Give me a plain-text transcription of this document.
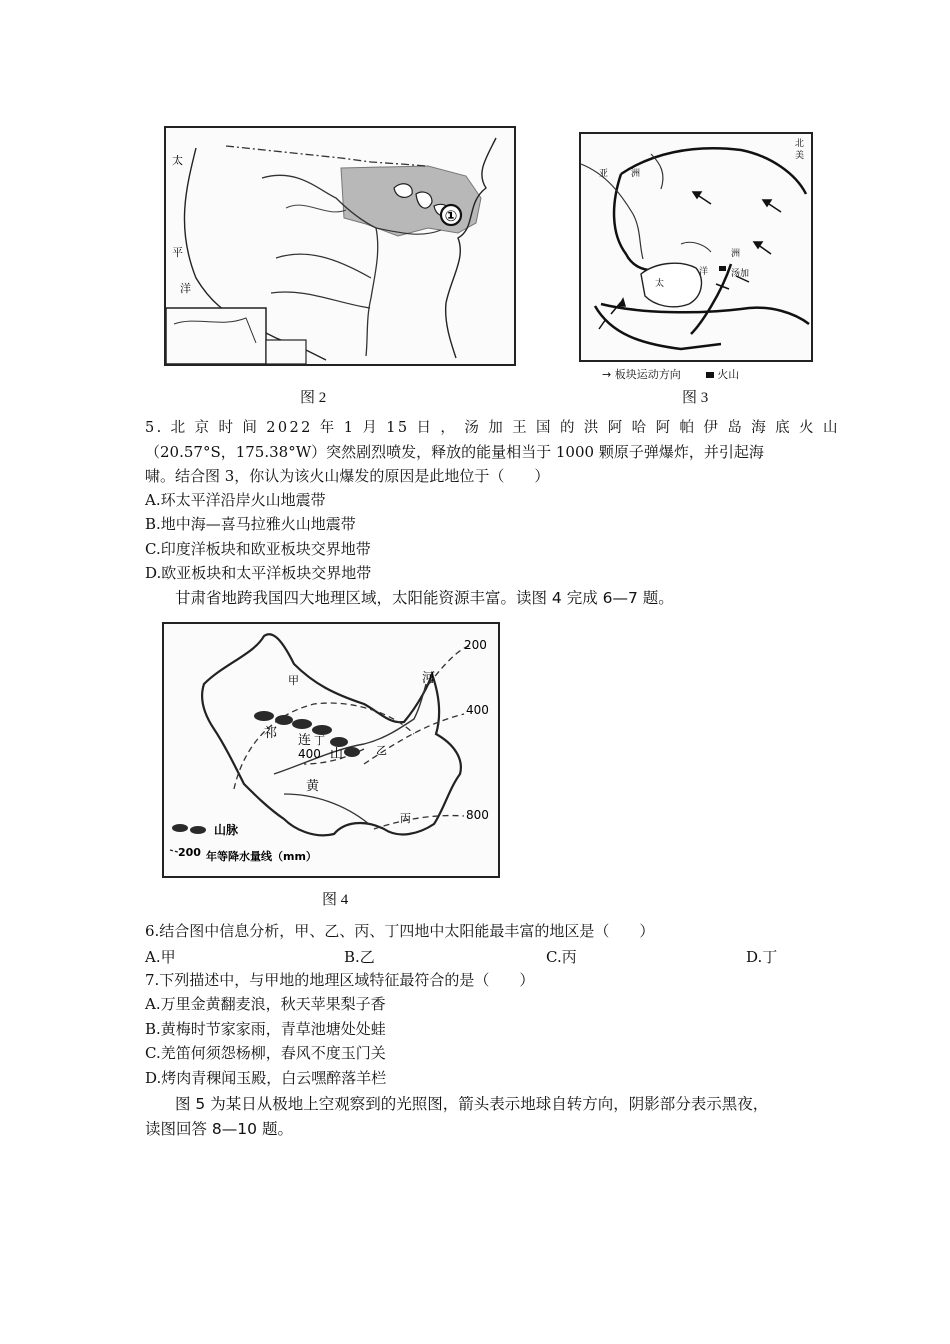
①
太
平
洋
图 2
北
美
亚	洲
洲
洋
太
汤加
→ 板块运动方向	火山
图 3
5. 北 京 时 间 2022 年 1 月 15 日 ， 汤 加 王 国 的 洪 阿 哈 阿 帕 伊 岛 海 底 火 山
（20.57°S，175.38°W）突然剧烈喷发，释放的能量相当于 1000 颗原子弹爆炸，并引起海
啸。结合图 3，你认为该火山爆发的原因是此地位于（　　）
A.环太平洋沿岸火山地震带
B.地中海—喜马拉雅火山地震带
C.印度洋板块和欧亚板块交界地带
D.欧亚板块和太平洋板块交界地带
甘肃省地跨我国四大地理区域，太阳能资源丰富。读图 4 完成 6—7 题。
甲
乙
丙
丁
河
祁 连
山
黄
200
400
400
800
山脉
200 年等降水量线（mm）
图 4
6.结合图中信息分析，甲、乙、丙、丁四地中太阳能最丰富的地区是（　　）
A.甲	B.乙	C.丙	D.丁
7.下列描述中，与甲地的地理区域特征最符合的是（　　）
A.万里金黄翻麦浪，秋天苹果梨子香
B.黄梅时节家家雨，青草池塘处处蛙
C.羌笛何须怨杨柳，春风不度玉门关
D.烤肉青稞闻玉殿，白云嘿醉落羊栏
图 5 为某日从极地上空观察到的光照图，箭头表示地球自转方向，阴影部分表示黑夜，
读图回答 8—10 题。
